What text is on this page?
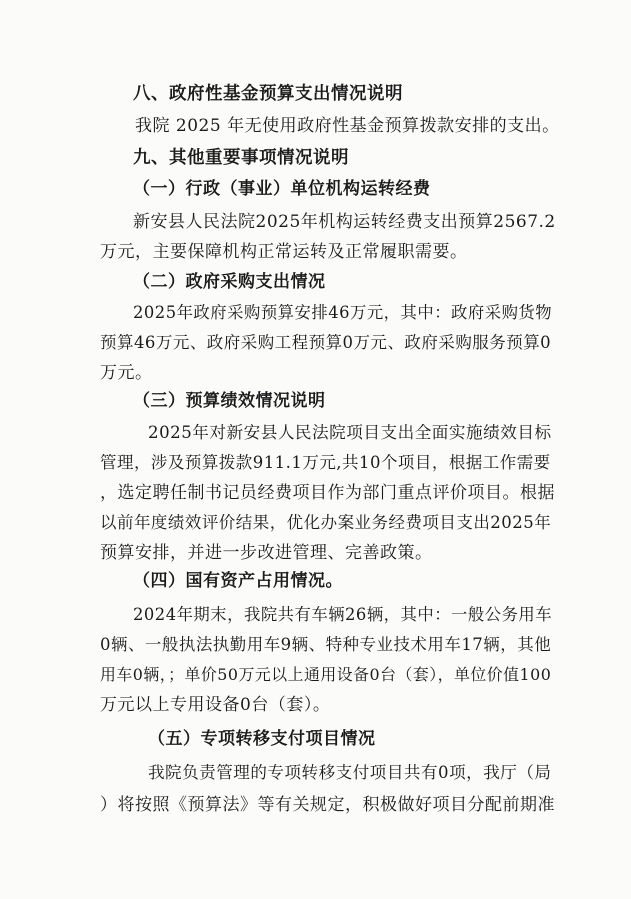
八、政府性基金预算支出情况说明
我院 2025 年无使用政府性基金预算拨款安排的支出。
九、其他重要事项情况说明
（一）行政（事业）单位机构运转经费
新安县人民法院2025年机构运转经费支出预算2567.2
万元，主要保障机构正常运转及正常履职需要。
（二）政府采购支出情况
2025年政府采购预算安排46万元，其中：政府采购货物
预算46万元、政府采购工程预算0万元、政府采购服务预算0
万元。
（三）预算绩效情况说明
2025年对新安县人民法院项目支出全面实施绩效目标
管理，涉及预算拨款911.1万元,共10个项目，根据工作需要
，选定聘任制书记员经费项目作为部门重点评价项目。根据
以前年度绩效评价结果，优化办案业务经费项目支出2025年
预算安排，并进一步改进管理、完善政策。
（四）国有资产占用情况。
2024年期末，我院共有车辆26辆，其中：一般公务用车
0辆、一般执法执勤用车9辆、特种专业技术用车17辆，其他
用车0辆，；单价50万元以上通用设备0台（套），单位价值100
万元以上专用设备0台（套）。
（五）专项转移支付项目情况
我院负责管理的专项转移支付项目共有0项，我厅（局
）将按照《预算法》等有关规定，积极做好项目分配前期准
